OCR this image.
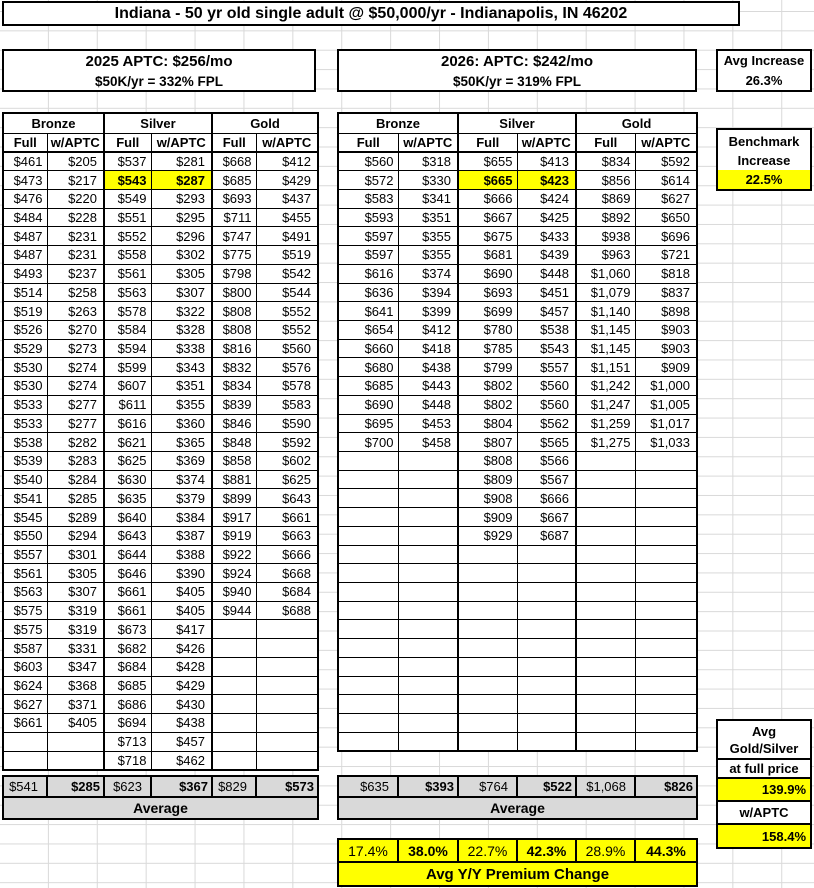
Indiana - 50 yr old single adult @ $50,000/yr - Indianapolis, IN 46202
2025 APTC: $256/mo
$50K/yr = 332% FPL
2026: APTC: $242/mo
$50K/yr = 319% FPL
Avg Increase
26.3%
Benchmark
Increase
22.5%
Bronze		Silver		Gold	
Full	w/APTC	Full	w/APTC	Full	w/APTC
$461	$205	$537	$281	$668	$412
$473	$217	$543	$287	$685	$429
$476	$220	$549	$293	$693	$437
$484	$228	$551	$295	$711	$455
$487	$231	$552	$296	$747	$491
$487	$231	$558	$302	$775	$519
$493	$237	$561	$305	$798	$542
$514	$258	$563	$307	$800	$544
$519	$263	$578	$322	$808	$552
$526	$270	$584	$328	$808	$552
$529	$273	$594	$338	$816	$560
$530	$274	$599	$343	$832	$576
$530	$274	$607	$351	$834	$578
$533	$277	$611	$355	$839	$583
$533	$277	$616	$360	$846	$590
$538	$282	$621	$365	$848	$592
$539	$283	$625	$369	$858	$602
$540	$284	$630	$374	$881	$625
$541	$285	$635	$379	$899	$643
$545	$289	$640	$384	$917	$661
$550	$294	$643	$387	$919	$663
$557	$301	$644	$388	$922	$666
$561	$305	$646	$390	$924	$668
$563	$307	$661	$405	$940	$684
$575	$319	$661	$405	$944	$688
$575	$319	$673	$417		
$587	$331	$682	$426		
$603	$347	$684	$428		
$624	$368	$685	$429		
$627	$371	$686	$430		
$661	$405	$694	$438		
		$713	$457		
		$718	$462		
Bronze		Silver		Gold	
Full	w/APTC	Full	w/APTC	Full	w/APTC
$560	$318	$655	$413	$834	$592
$572	$330	$665	$423	$856	$614
$583	$341	$666	$424	$869	$627
$593	$351	$667	$425	$892	$650
$597	$355	$675	$433	$938	$696
$597	$355	$681	$439	$963	$721
$616	$374	$690	$448	$1,060	$818
$636	$394	$693	$451	$1,079	$837
$641	$399	$699	$457	$1,140	$898
$654	$412	$780	$538	$1,145	$903
$660	$418	$785	$543	$1,145	$903
$680	$438	$799	$557	$1,151	$909
$685	$443	$802	$560	$1,242	$1,000
$690	$448	$802	$560	$1,247	$1,005
$695	$453	$804	$562	$1,259	$1,017
$700	$458	$807	$565	$1,275	$1,033
		$808	$566		
		$809	$567		
		$908	$666		
		$909	$667		
		$929	$687		

$541	$285	$623	$367	$829	$573
Average
$635	$393	$764	$522	$1,068	$826
Average
17.4%	38.0%	22.7%	42.3%	28.9%	44.3%
Avg Y/Y Premium Change
Avg
Gold/Silver
at full price
139.9%
w/APTC
158.4%
